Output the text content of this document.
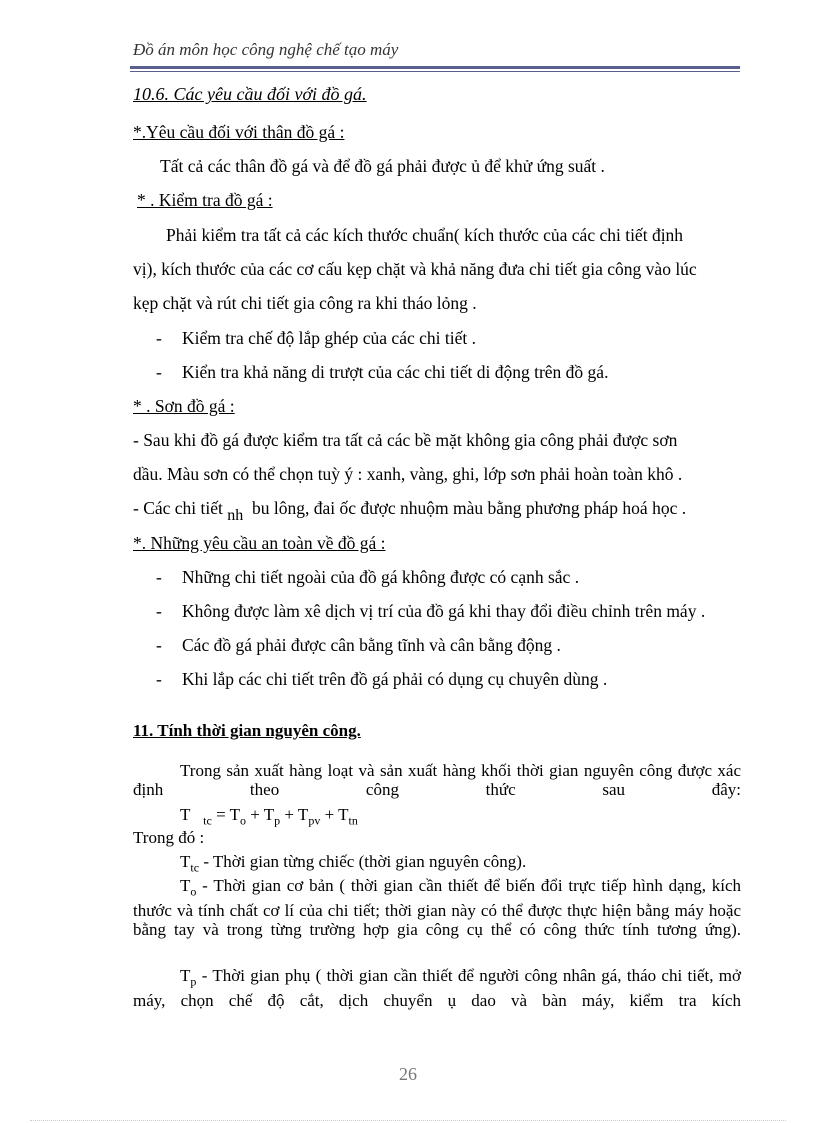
Đồ án môn học công nghệ chế tạo máy
10.6. Các yêu cầu đối với đồ gá.
*.Yêu cầu đối với thân đồ gá :
Tất cả các thân đồ gá và để đồ gá phải được ủ để khử ứng suất .
* . Kiểm tra đồ gá :
Phải kiểm tra tất cả các kích thước chuẩn( kích thước của các chi tiết định
vị), kích thước của các cơ cấu kẹp chặt và khả năng đưa chi tiết gia công vào lúc
kẹp chặt và rút chi tiết gia công ra khi tháo lỏng .
- Kiểm tra chế độ lắp ghép của các chi tiết .
- Kiển tra khả năng di trượt của các chi tiết di động trên đồ gá.
* . Sơn đồ gá :
- Sau khi đồ gá được kiểm tra tất cả các bề mặt không gia công phải được sơn
dầu. Màu sơn có thể chọn tuỳ ý : xanh, vàng, ghi, lớp sơn phải hoàn toàn khô .
- Các chi tiết nh bu lông, đai ốc được nhuộm màu bằng phương pháp hoá học .
*. Những yêu cầu an toàn về đồ gá :
- Những chi tiết ngoài của đồ gá không được có cạnh sắc .
- Không được làm xê dịch vị trí của đồ gá khi thay đổi điều chỉnh trên máy .
- Các đồ gá phải được cân bằng tĩnh và cân bằng động .
- Khi lắp các chi tiết trên đồ gá phải có dụng cụ chuyên dùng .
11. Tính thời gian nguyên công.
Trong sản xuất hàng loạt và sản xuất hàng khối thời gian nguyên công được xác định theo công thức sau đây:
T $_{tc} = T_o + T_p + T_{pv} + T_{tn}$
Trong đó :
$T_{tc}$ - Thời gian từng chiếc (thời gian nguyên công).
$T_o$ - Thời gian cơ bản ( thời gian cần thiết để biến đổi trực tiếp hình dạng, kích thước và tính chất cơ lí của chi tiết; thời gian này có thể được thực hiện bằng máy hoặc bằng tay và trong từng trường hợp gia công cụ thể có công thức tính tương ứng).
$T_p$ - Thời gian phụ ( thời gian cần thiết để người công nhân gá, tháo chi tiết, mở máy, chọn chế độ cắt, dịch chuyển ụ dao và bàn máy, kiểm tra kích
26
